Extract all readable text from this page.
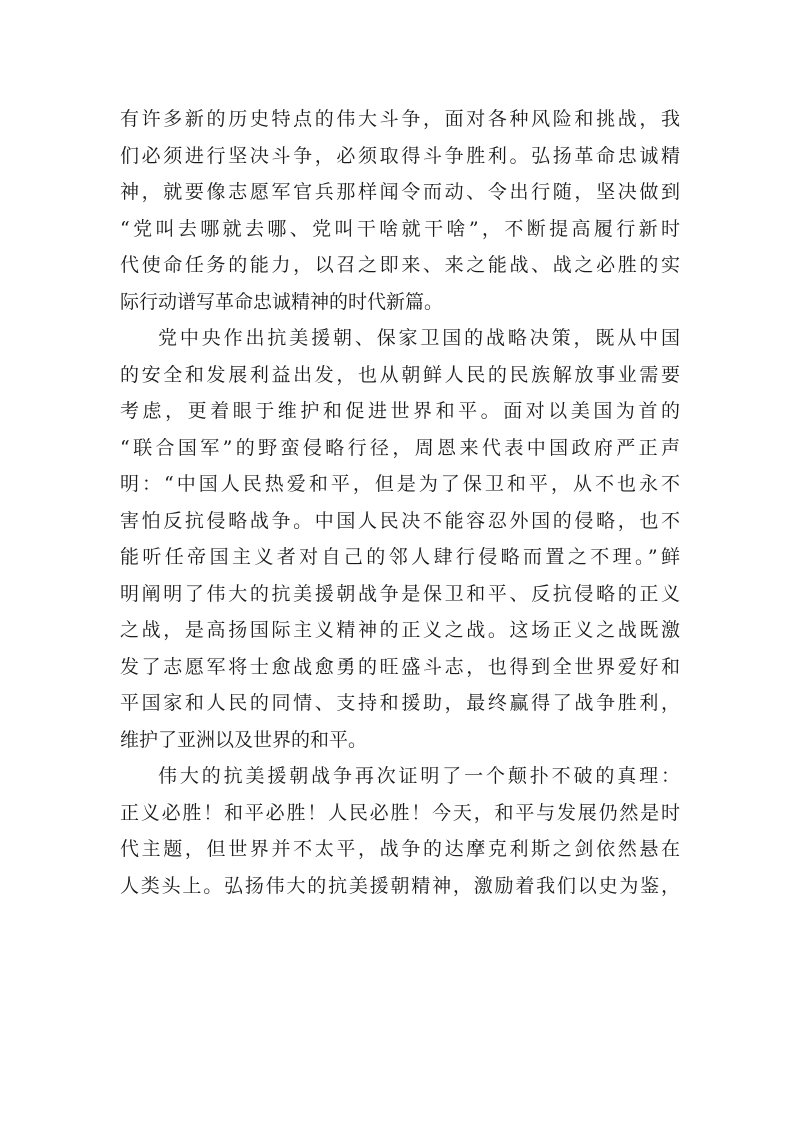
有许多新的历史特点的伟大斗争，面对各种风险和挑战，我
们必须进行坚决斗争，必须取得斗争胜利。弘扬革命忠诚精
神，就要像志愿军官兵那样闻令而动、令出行随，坚决做到
“党叫去哪就去哪、党叫干啥就干啥”，不断提高履行新时
代使命任务的能力，以召之即来、来之能战、战之必胜的实
际行动谱写革命忠诚精神的时代新篇。
党中央作出抗美援朝、保家卫国的战略决策，既从中国
的安全和发展利益出发，也从朝鲜人民的民族解放事业需要
考虑，更着眼于维护和促进世界和平。面对以美国为首的
“联合国军”的野蛮侵略行径，周恩来代表中国政府严正声
明：“中国人民热爱和平，但是为了保卫和平，从不也永不
害怕反抗侵略战争。中国人民决不能容忍外国的侵略，也不
能听任帝国主义者对自己的邻人肆行侵略而置之不理。”鲜
明阐明了伟大的抗美援朝战争是保卫和平、反抗侵略的正义
之战，是高扬国际主义精神的正义之战。这场正义之战既激
发了志愿军将士愈战愈勇的旺盛斗志，也得到全世界爱好和
平国家和人民的同情、支持和援助，最终赢得了战争胜利，
维护了亚洲以及世界的和平。
伟大的抗美援朝战争再次证明了一个颠扑不破的真理：
正义必胜！和平必胜！人民必胜！今天，和平与发展仍然是时
代主题，但世界并不太平，战争的达摩克利斯之剑依然悬在
人类头上。弘扬伟大的抗美援朝精神，激励着我们以史为鉴，
